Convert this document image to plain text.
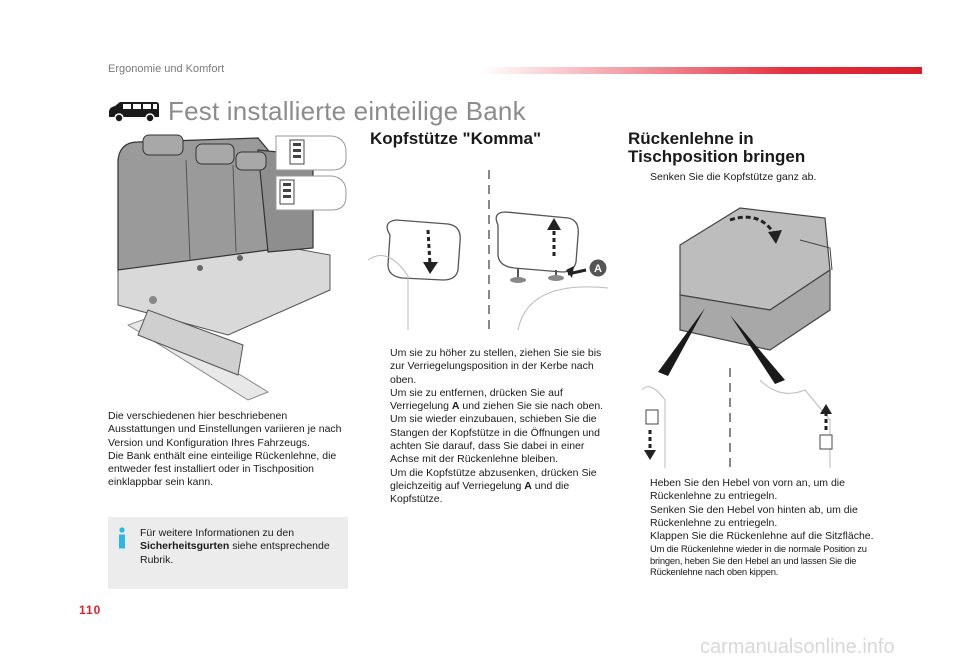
Ergonomie und Komfort
Fest installierte einteilige Bank

Die verschiedenen hier beschriebenen Ausstattungen und Einstellungen variieren je nach Version und Konfiguration Ihres Fahrzeugs.

Die Bank enthält eine einteilige Rückenlehne, die entweder fest installiert oder in Tischposition einklappbar sein kann.

Für weitere Informationen zu den Sicherheitsgurten siehe entsprechende Rubrik.
Kopfstütze "Komma"
A
Um sie zu höher zu stellen, ziehen Sie sie bis zur Verriegelungsposition in der Kerbe nach oben.
Um sie zu entfernen, drücken Sie auf Verriegelung A und ziehen Sie sie nach oben.
Um sie wieder einzubauen, schieben Sie die Stangen der Kopfstütze in die Öffnungen und achten Sie darauf, dass Sie dabei in einer Achse mit der Rückenlehne bleiben.
Um die Kopfstütze abzusenken, drücken Sie gleichzeitig auf Verriegelung A und die Kopfstütze.
Rückenlehne in
Tischposition bringen
Senken Sie die Kopfstütze ganz ab.
Heben Sie den Hebel von vorn an, um die Rückenlehne zu entriegeln.
Senken Sie den Hebel von hinten ab, um die Rückenlehne zu entriegeln.
Klappen Sie die Rückenlehne auf die Sitzfläche.
Um die Rückenlehne wieder in die normale Position zu bringen, heben Sie den Hebel an und lassen Sie die Rückenlehne nach oben kippen.
110
carmanualsonline.info
